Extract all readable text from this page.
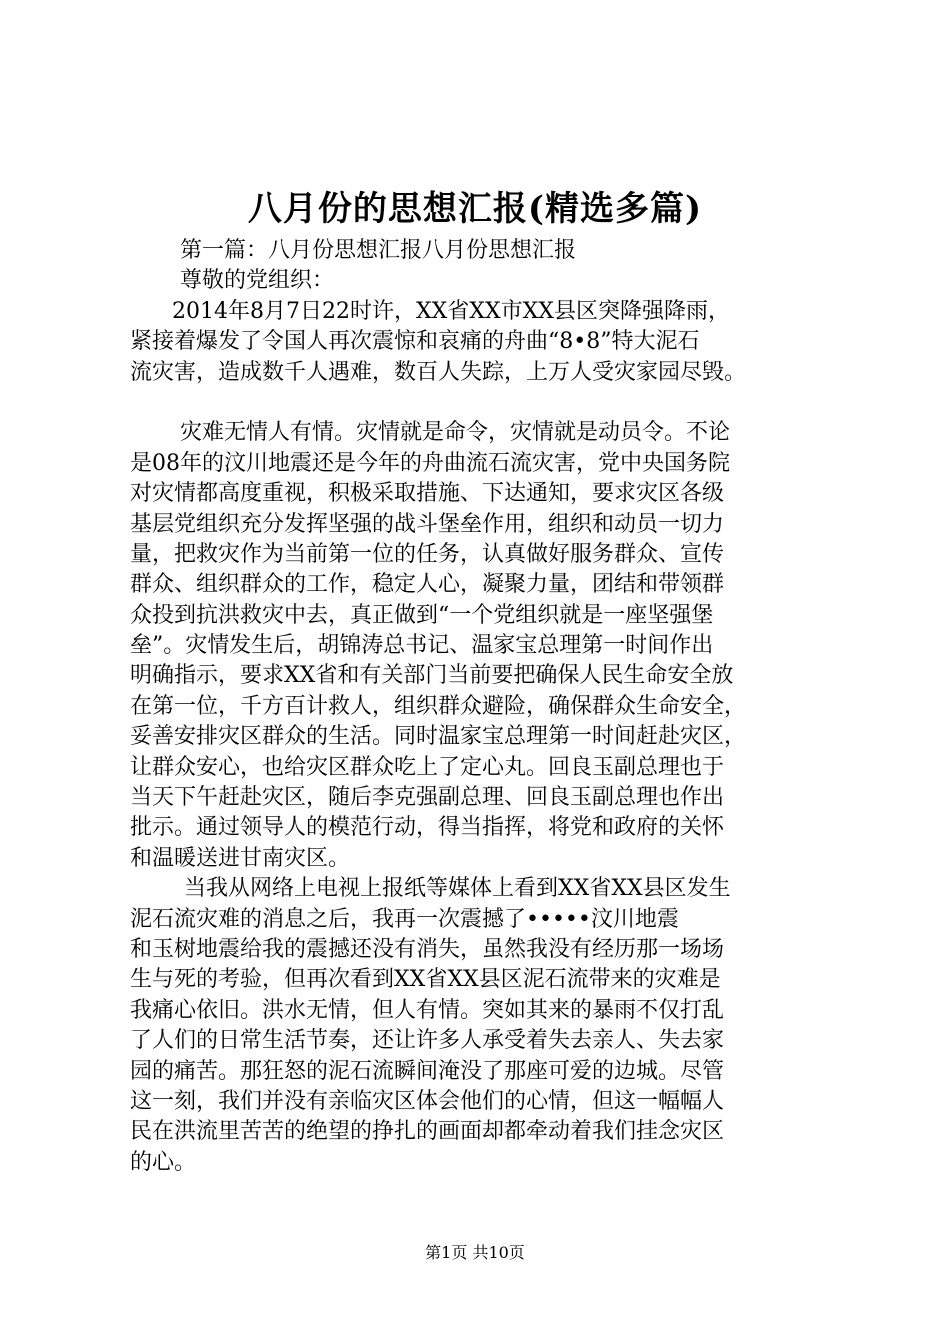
八月份的思想汇报(精选多篇)
第一篇：八月份思想汇报八月份思想汇报
尊敬的党组织：
2014年8月7日22时许，XX省XX市XX县区突降强降雨，
紧接着爆发了令国人再次震惊和哀痛的舟曲“8•8”特大泥石
流灾害，造成数千人遇难，数百人失踪，上万人受灾家园尽毁。
灾难无情人有情。灾情就是命令，灾情就是动员令。不论
是08年的汶川地震还是今年的舟曲流石流灾害，党中央国务院
对灾情都高度重视，积极采取措施、下达通知，要求灾区各级
基层党组织充分发挥坚强的战斗堡垒作用，组织和动员一切力
量，把救灾作为当前第一位的任务，认真做好服务群众、宣传
群众、组织群众的工作，稳定人心，凝聚力量，团结和带领群
众投到抗洪救灾中去，真正做到“一个党组织就是一座坚强堡
垒”。灾情发生后，胡锦涛总书记、温家宝总理第一时间作出
明确指示，要求XX省和有关部门当前要把确保人民生命安全放
在第一位，千方百计救人，组织群众避险，确保群众生命安全，
妥善安排灾区群众的生活。同时温家宝总理第一时间赶赴灾区，
让群众安心，也给灾区群众吃上了定心丸。回良玉副总理也于
当天下午赶赴灾区，随后李克强副总理、回良玉副总理也作出
批示。通过领导人的模范行动，得当指挥，将党和政府的关怀
和温暖送进甘南灾区。
当我从网络上电视上报纸等媒体上看到XX省XX县区发生
泥石流灾难的消息之后，我再一次震撼了•••••汶川地震
和玉树地震给我的震撼还没有消失，虽然我没有经历那一场场
生与死的考验，但再次看到XX省XX县区泥石流带来的灾难是
我痛心依旧。洪水无情，但人有情。突如其来的暴雨不仅打乱
了人们的日常生活节奏，还让许多人承受着失去亲人、失去家
园的痛苦。那狂怒的泥石流瞬间淹没了那座可爱的边城。尽管
这一刻，我们并没有亲临灾区体会他们的心情，但这一幅幅人
民在洪流里苦苦的绝望的挣扎的画面却都牵动着我们挂念灾区
的心。
第1页 共10页
